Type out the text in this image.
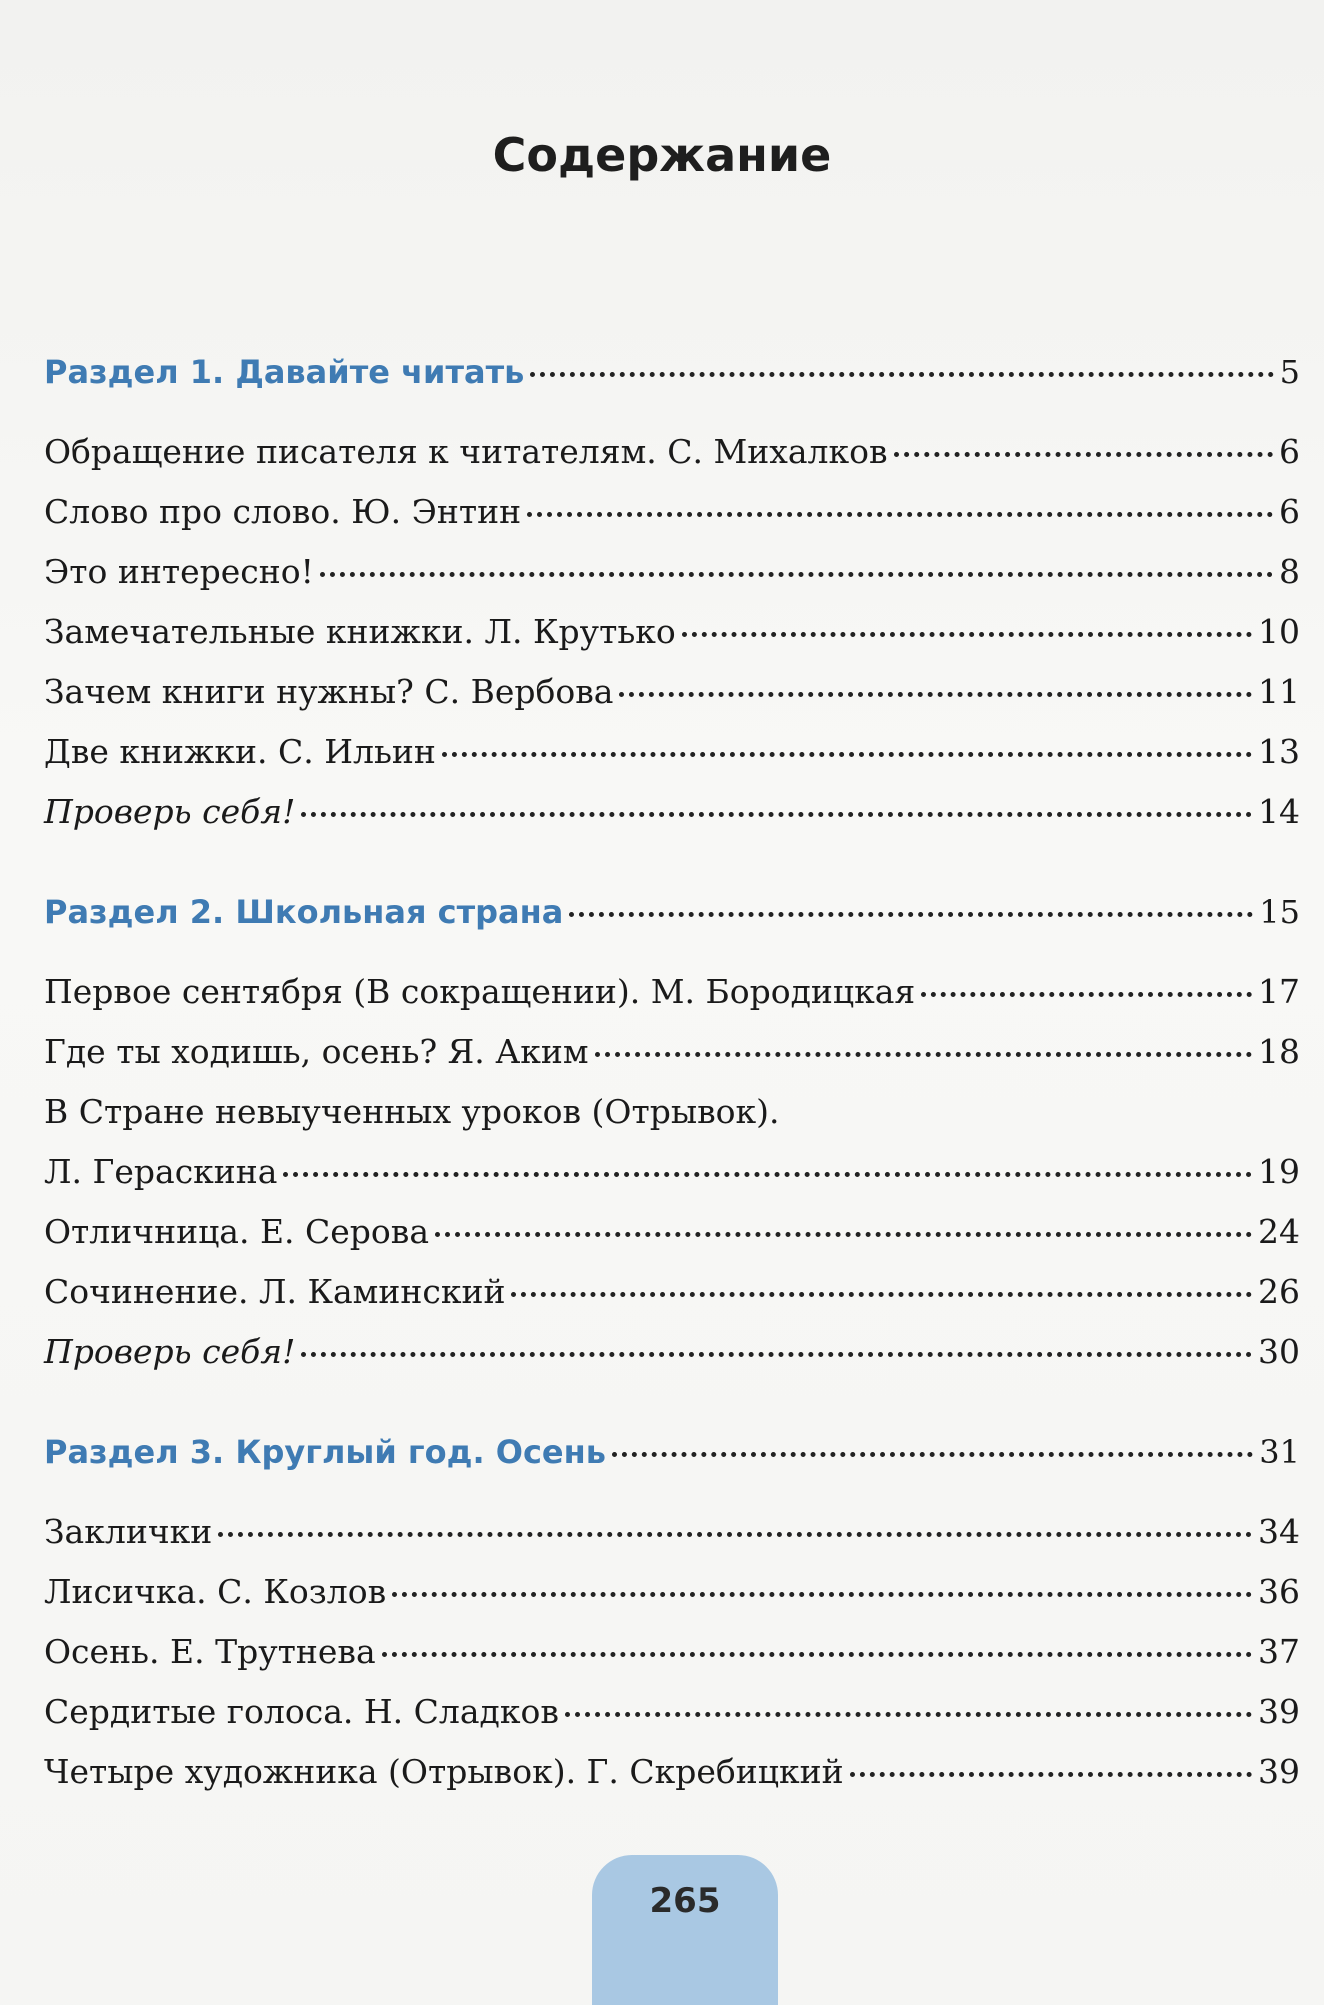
Содержание
Раздел 1. Давайте читать	5
Обращение писателя к читателям. С. Михалков	6
Слово про слово. Ю. Энтин	6
Это интересно!	8
Замечательные книжки. Л. Крутько	10
Зачем книги нужны? С. Вербова	11
Две книжки. С. Ильин	13
Проверь себя!	14
Раздел 2. Школьная страна	15
Первое сентября (В сокращении). М. Бородицкая	17
Где ты ходишь, осень? Я. Аким	18
В Стране невыученных уроков (Отрывок).
Л. Гераскина	19
Отличница. Е. Серова	24
Сочинение. Л. Каминский	26
Проверь себя!	30
Раздел 3. Круглый год. Осень	31
Заклички	34
Лисичка. С. Козлов	36
Осень. Е. Трутнева	37
Сердитые голоса. Н. Сладков	39
Четыре художника (Отрывок). Г. Скребицкий	39
265
